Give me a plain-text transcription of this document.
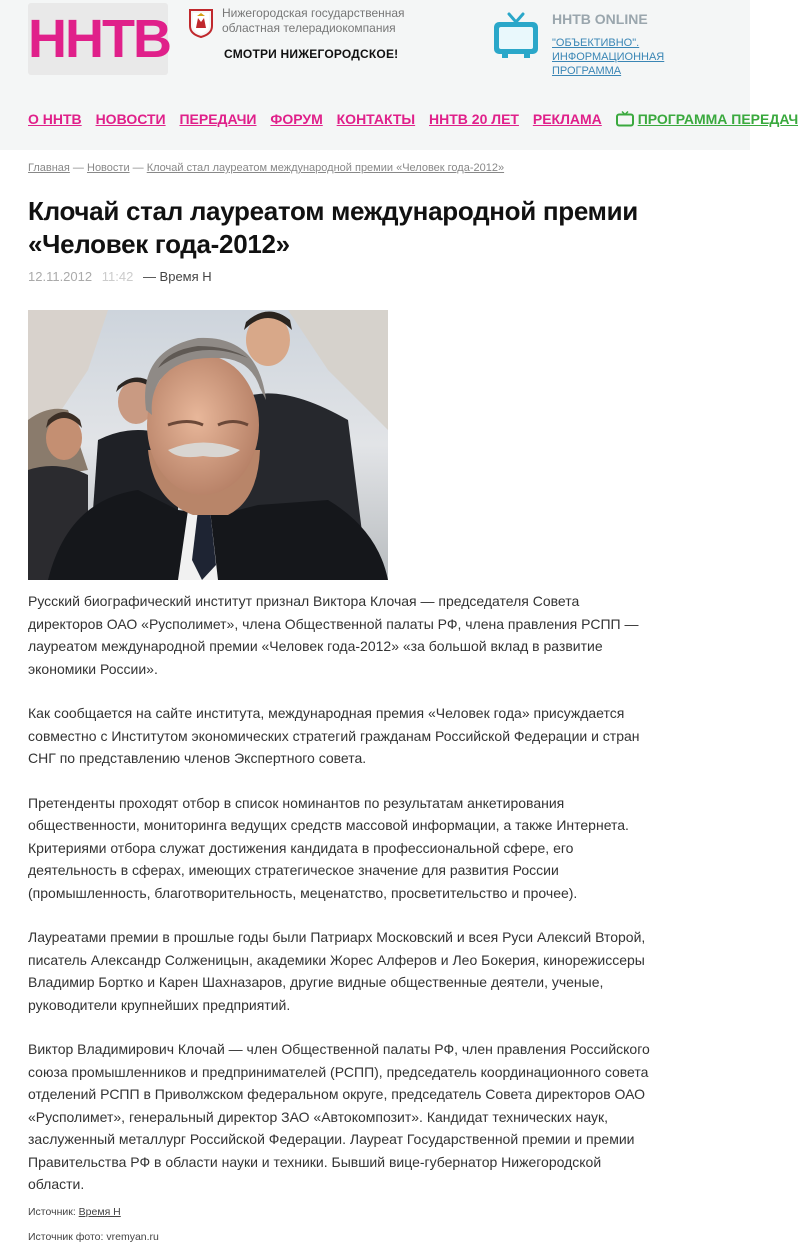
ННТВ	Нижегородская государственная
областная телерадиокомпания
СМОТРИ НИЖЕГОРОДСКОЕ!
ННТВ ONLINE
"ОБЪЕКТИВНО".
ИНФОРМАЦИОННАЯ
ПРОГРАММА
О ННТВ НОВОСТИ ПЕРЕДАЧИ ФОРУМ КОНТАКТЫ ННТВ 20 ЛЕТ РЕКЛАМА	ПРОГРАММА ПЕРЕДАЧ
Главная — Новости — Клочай стал лауреатом международной премии «Человек года-2012»
Клочай стал лауреатом международной премии «Человек года-2012»
12.11.2012 11:42 — Время Н

Русский биографический институт признал Виктора Клочая — председателя Совета директоров ОАО «Русполимет», члена Общественной палаты РФ, члена правления РСПП — лауреатом международной премии «Человек года-2012» «за большой вклад в развитие экономики России».

Как сообщается на сайте института, международная премия «Человек года» присуждается совместно с Институтом экономических стратегий гражданам Российской Федерации и стран СНГ по представлению членов Экспертного совета.

Претенденты проходят отбор в список номинантов по результатам анкетирования общественности, мониторинга ведущих средств массовой информации, а также Интернета. Критериями отбора служат достижения кандидата в профессиональной сфере, его деятельность в сферах, имеющих стратегическое значение для развития России (промышленность, благотворительность, меценатство, просветительство и прочее).

Лауреатами премии в прошлые годы были Патриарх Московский и всея Руси Алексий Второй, писатель Александр Солженицын, академики Жорес Алферов и Лео Бокерия, кинорежиссеры Владимир Бортко и Карен Шахназаров, другие видные общественные деятели, ученые, руководители крупнейших предприятий.

Виктор Владимирович Клочай — член Общественной палаты РФ, член правления Российского союза промышленников и предпринимателей (РСПП), председатель координационного совета отделений РСПП в Приволжском федеральном округе, председатель Совета директоров ОАО «Русполимет», генеральный директор ЗАО «Автокомпозит». Кандидат технических наук, заслуженный металлург Российской Федерации. Лауреат Государственной премии и премии Правительства РФ в области науки и техники. Бывший вице-губернатор Нижегородской области.

Источник: Время Н
Источник фото: vremyan.ru
